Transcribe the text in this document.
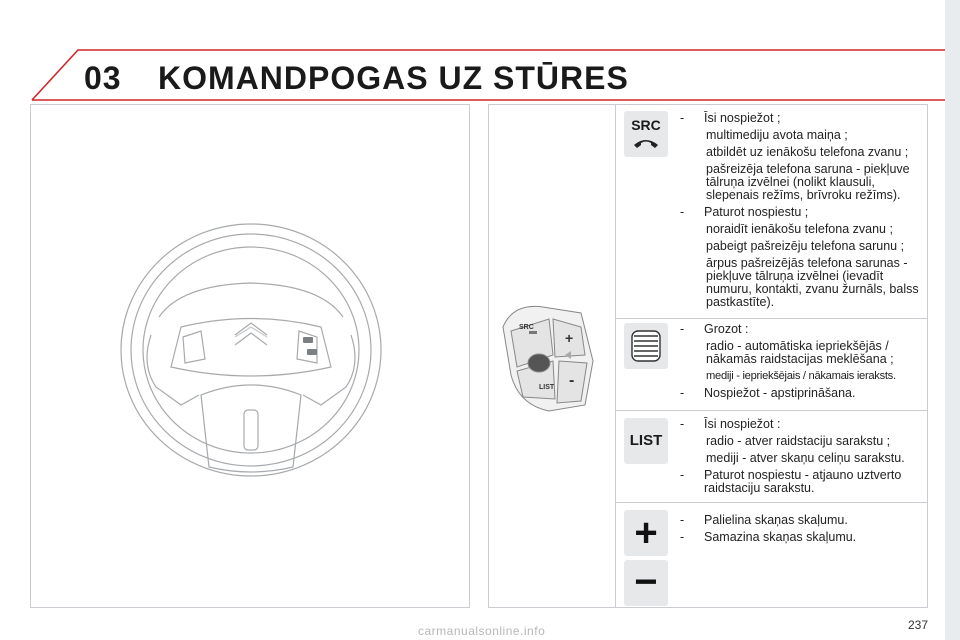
03 KOMANDPOGAS UZ STŪRES
SRC
LIST
+
-
SRC	-	Īsi nospiežot ;

multimediju avota maiņa ;

atbildēt uz ienākošu telefona zvanu ;

pašreizēja telefona saruna - piekļuve tālruņa izvēlnei (nolikt klausuli, slepenais režīms, brīvroku režīms).

-	Paturot nospiestu ;

noraidīt ienākošu telefona zvanu ;

pabeigt pašreizēju telefona sarunu ;

ārpus pašreizējās telefona sarunas - piekļuve tālruņa izvēlnei (ievadīt numuru, kontakti, zvanu žurnāls, balss pastkastīte).

-	Grozot :

radio - automātiska iepriekšējās / nākamās raidstacijas meklēšana ;

mediji - iepriekšējais / nākamais ieraksts.

-	Nospiežot - apstiprināšana.

LIST

-	Īsi nospiežot :

radio - atver raidstaciju sarakstu ;

mediji - atver skaņu celiņu sarakstu.

-	Paturot nospiestu - atjauno uztverto raidstaciju sarakstu.

+
−

-	Palielina skaņas skaļumu.

-	Samazina skaņas skaļumu.

237
carmanualsonline.info
